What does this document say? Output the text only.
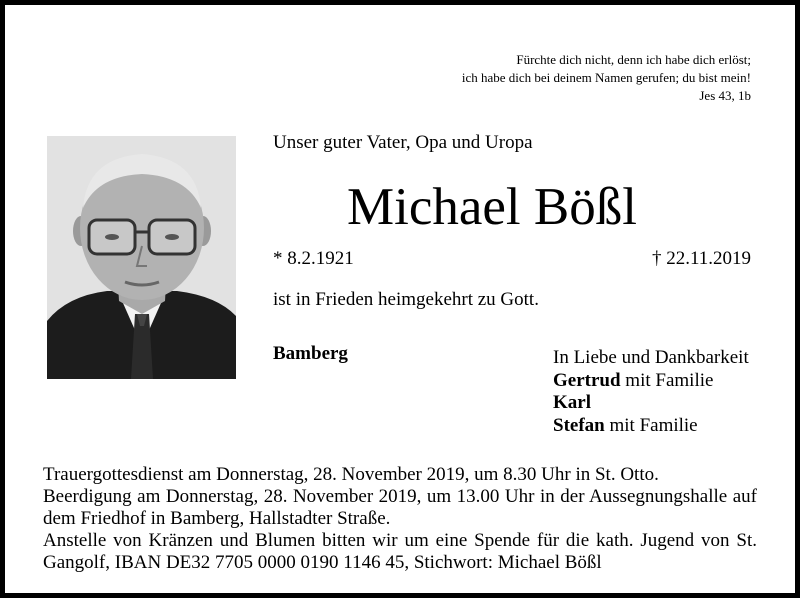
Fürchte dich nicht, denn ich habe dich erlöst;
ich habe dich bei deinem Namen gerufen; du bist mein!
Jes 43, 1b
Unser guter Vater, Opa und Uropa
Michael Bößl
* 8.2.1921	† 22.11.2019
ist in Frieden heimgekehrt zu Gott.
Bamberg	In Liebe und Dankbarkeit
Gertrud mit Familie
Karl
Stefan mit Familie

Trauergottesdienst am Donnerstag, 28. November 2019, um 8.30 Uhr in St. Otto.

Beerdigung am Donnerstag, 28. November 2019, um 13.00 Uhr in der Aussegnungshalle auf dem Friedhof in Bamberg, Hallstadter Straße.

Anstelle von Kränzen und Blumen bitten wir um eine Spende für die kath. Jugend von St. Gangolf, IBAN DE32 7705 0000 0190 1146 45, Stichwort: Michael Bößl
